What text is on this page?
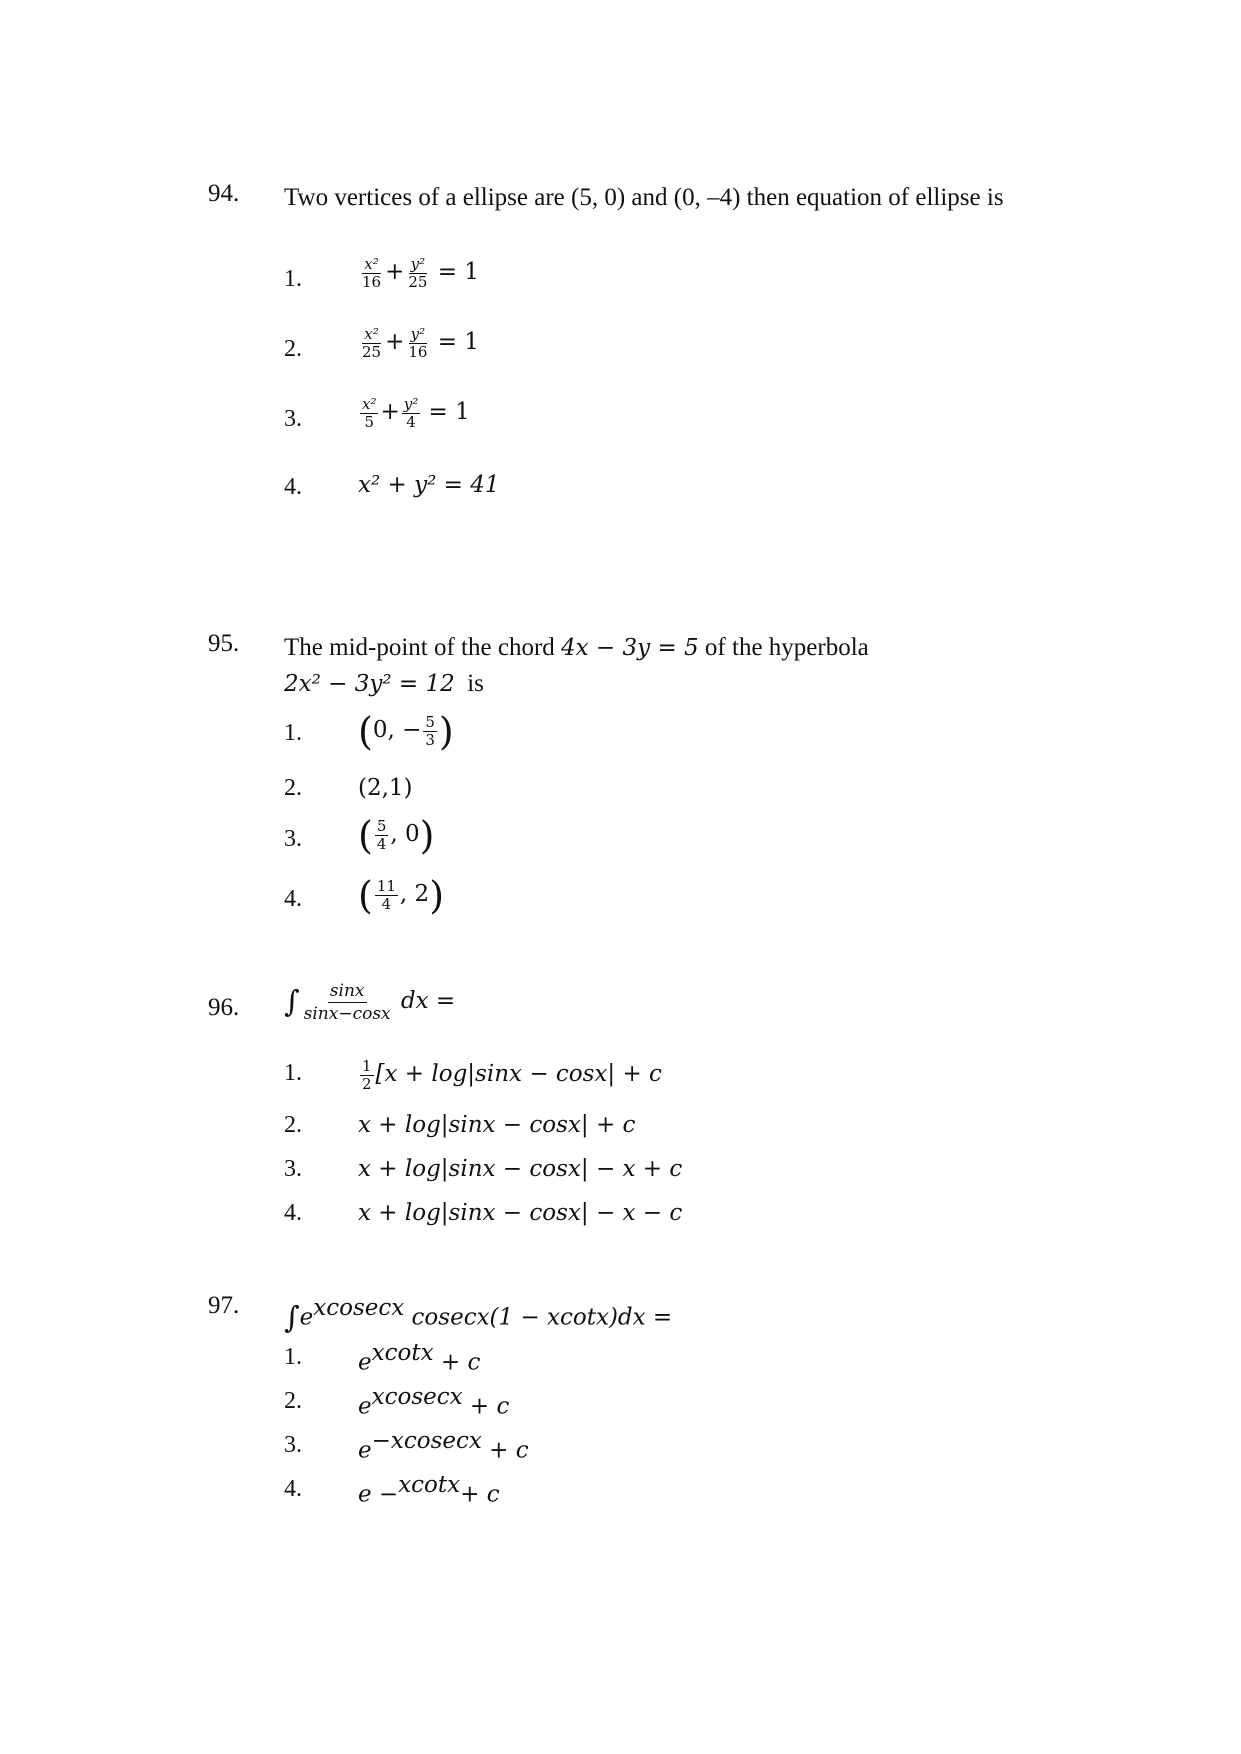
94. Two vertices of a ellipse are (5, 0) and (0, –4) then equation of ellipse is
1.	$\frac{\text{x²}}{16} + \frac{\text{y²}}{25} = 1$
2.	$\frac{\text{x²}}{25} + \frac{\text{y²}}{16} = 1$
3.	$\frac{\text{x²}}{5} + \frac{\text{y²}}{4} = 1$
4. x² + y² = 41
95. The mid-point of the chord 4x − 3y = 5 of the hyperbola
2x² − 3y² = 12  is
1. (0, − $\frac{5}{3}$ )
2. (2,1)
3. ( $\frac{5}{4}$ , 0)
4. ( $\frac{11}{4}$ , 2)
96. ∫ $\frac{\sin x}{\sin x-\cos x}$ dx =
1.	$\frac{1}{2} [x + \log|\sin x - \cos x| + c$
2. x + log|sinx − cosx| + c
3. x + log|sinx − cosx| − x + c
4. x + log|sinx − cosx| − x − c
97. $\int e^{xcosecx}$ cosecx(1 − xcotx)dx =
1. $e^{xcotx} + c$
2. $e^{xcosecx} + c$
3. $e^{-xcosecx} + c$
4. e −$^{xcotx}$+ c
